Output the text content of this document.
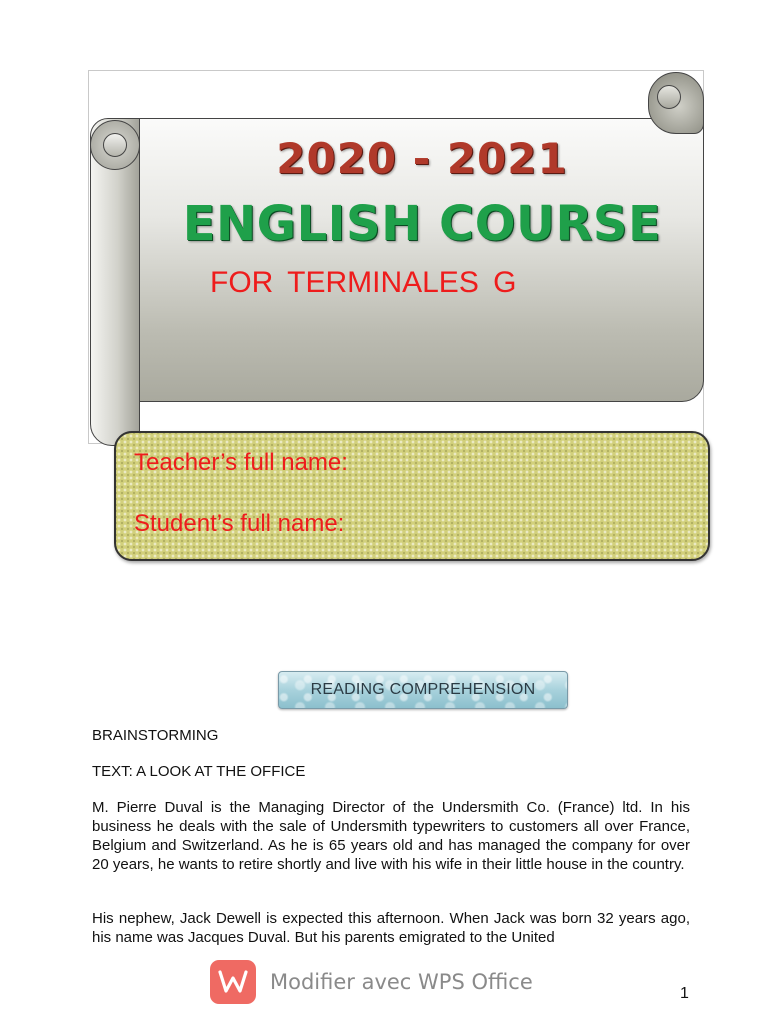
2020 - 2021
ENGLISH COURSE
FOR TERMINALES G
Teacher’s full name:
Student’s full name:
READING COMPREHENSION
BRAINSTORMING
TEXT: A LOOK AT THE OFFICE

M. Pierre Duval is the Managing Director of the Undersmith Co. (France) ltd. In his business he deals with the sale of Undersmith typewriters to customers all over France, Belgium and Switzerland. As he is 65 years old and has managed the company for over 20 years, he wants to retire shortly and live with his wife in their little house in the country.

His nephew, Jack Dewell is expected this afternoon. When Jack was born 32 years ago, his name was Jacques Duval. But his parents emigrated to the United

Modifier avec WPS Office	1
